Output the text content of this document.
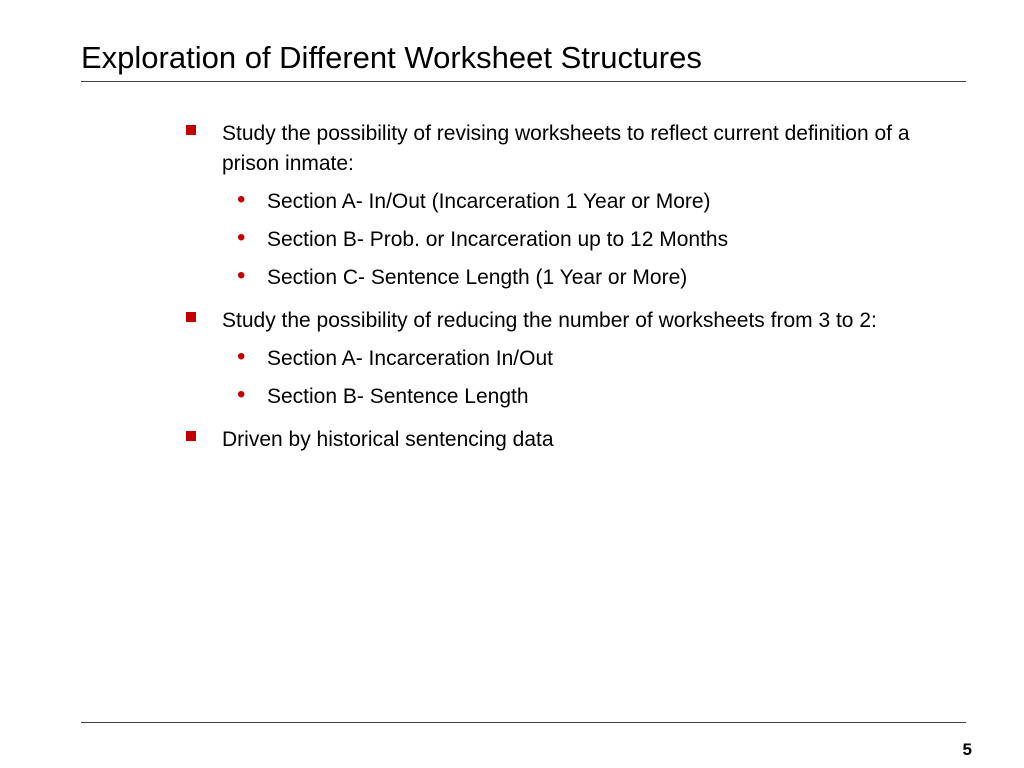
Exploration of Different Worksheet Structures
Study the possibility of revising worksheets to reflect current definition of a prison inmate:
• Section A- In/Out (Incarceration 1 Year or More)
• Section B- Prob. or Incarceration up to 12 Months
• Section C- Sentence Length (1 Year or More)
Study the possibility of reducing the number of worksheets from 3 to 2:
• Section A- Incarceration In/Out
• Section B- Sentence Length
Driven by historical sentencing data
5
